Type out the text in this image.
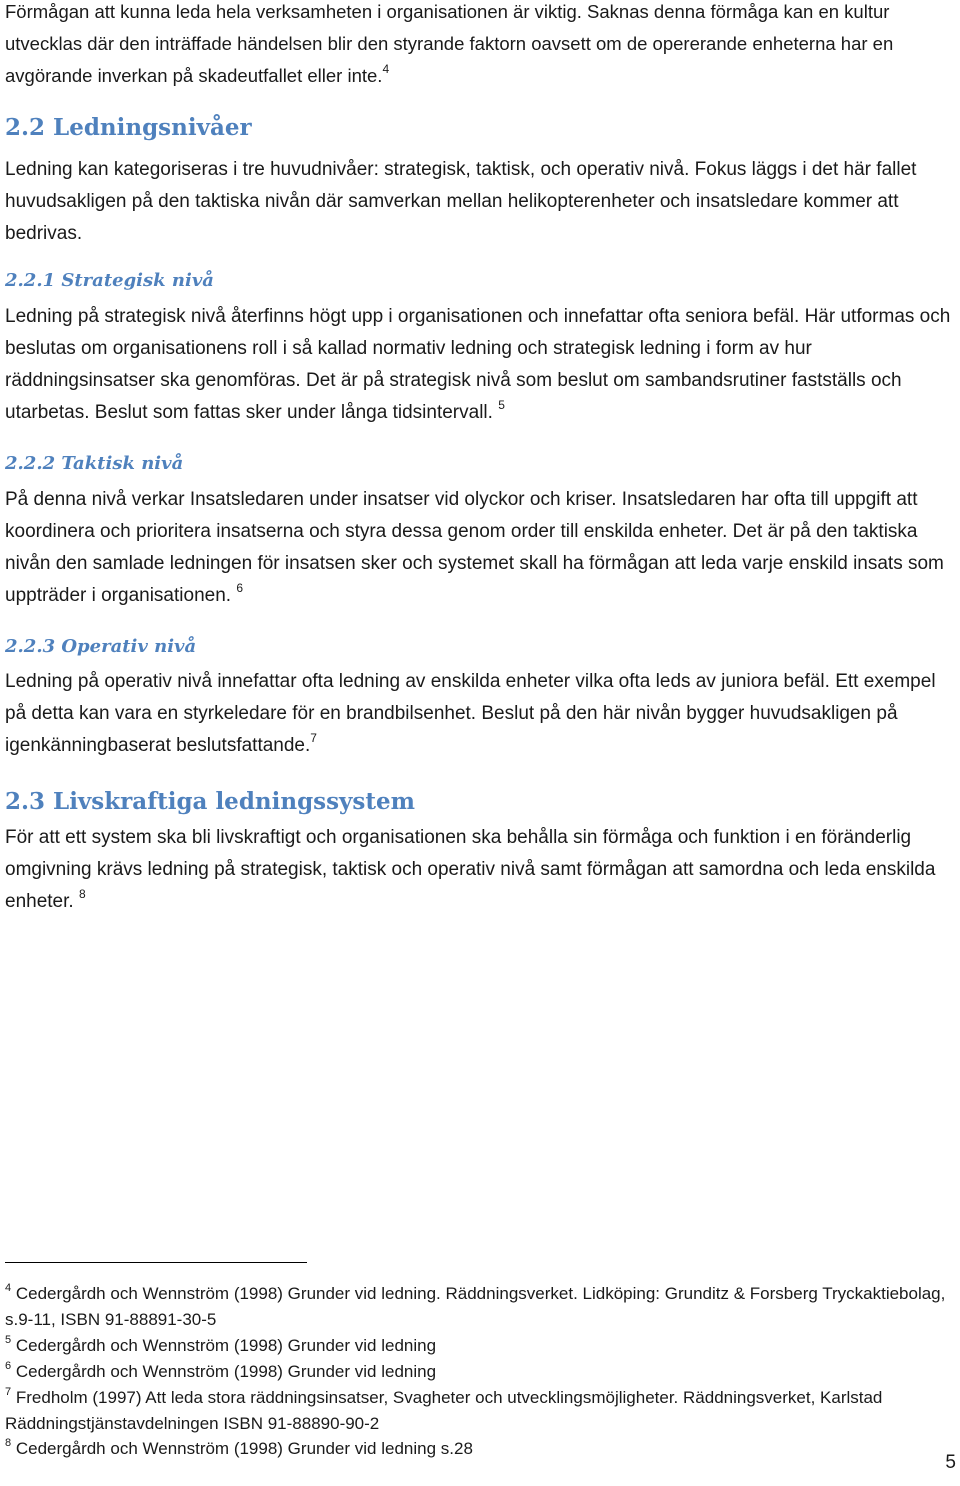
Förmågan att kunna leda hela verksamheten i organisationen är viktig. Saknas denna förmåga kan en kultur utvecklas där den inträffade händelsen blir den styrande faktorn oavsett om de opererande enheterna har en avgörande inverkan på skadeutfallet eller inte.$^4$

2.2 Ledningsnivåer

Ledning kan kategoriseras i tre huvudnivåer: strategisk, taktisk, och operativ nivå. Fokus läggs i det här fallet huvudsakligen på den taktiska nivån där samverkan mellan helikopterenheter och insatsledare kommer att bedrivas.

2.2.1 Strategisk nivå

Ledning på strategisk nivå återfinns högt upp i organisationen och innefattar ofta seniora befäl. Här utformas och beslutas om organisationens roll i så kallad normativ ledning och strategisk ledning i form av hur räddningsinsatser ska genomföras. Det är på strategisk nivå som beslut om sambandsrutiner fastställs och utarbetas. Beslut som fattas sker under långa tidsintervall. $^5$

2.2.2 Taktisk nivå

På denna nivå verkar Insatsledaren under insatser vid olyckor och kriser. Insatsledaren har ofta till uppgift att koordinera och prioritera insatserna och styra dessa genom order till enskilda enheter. Det är på den taktiska nivån den samlade ledningen för insatsen sker och systemet skall ha förmågan att leda varje enskild insats som uppträder i organisationen. $^6$

2.2.3 Operativ nivå

Ledning på operativ nivå innefattar ofta ledning av enskilda enheter vilka ofta leds av juniora befäl. Ett exempel på detta kan vara en styrkeledare för en brandbilsenhet. Beslut på den här nivån bygger huvudsakligen på igenkänningbaserat beslutsfattande.$^7$

2.3 Livskraftiga ledningssystem

För att ett system ska bli livskraftigt och organisationen ska behålla sin förmåga och funktion i en föränderlig omgivning krävs ledning på strategisk, taktisk och operativ nivå samt förmågan att samordna och leda enskilda enheter. $^8$

$^4$ Cedergårdh och Wennström (1998) Grunder vid ledning. Räddningsverket. Lidköping: Grunditz & Forsberg Tryckaktiebolag, s.9-11, ISBN 91-88891-30-5

$^5$ Cedergårdh och Wennström (1998) Grunder vid ledning

$^6$ Cedergårdh och Wennström (1998) Grunder vid ledning

$^7$ Fredholm (1997) Att leda stora räddningsinsatser, Svagheter och utvecklingsmöjligheter. Räddningsverket, Karlstad Räddningstjänstavdelningen ISBN 91-88890-90-2

$^8$ Cedergårdh och Wennström (1998) Grunder vid ledning s.28

5
